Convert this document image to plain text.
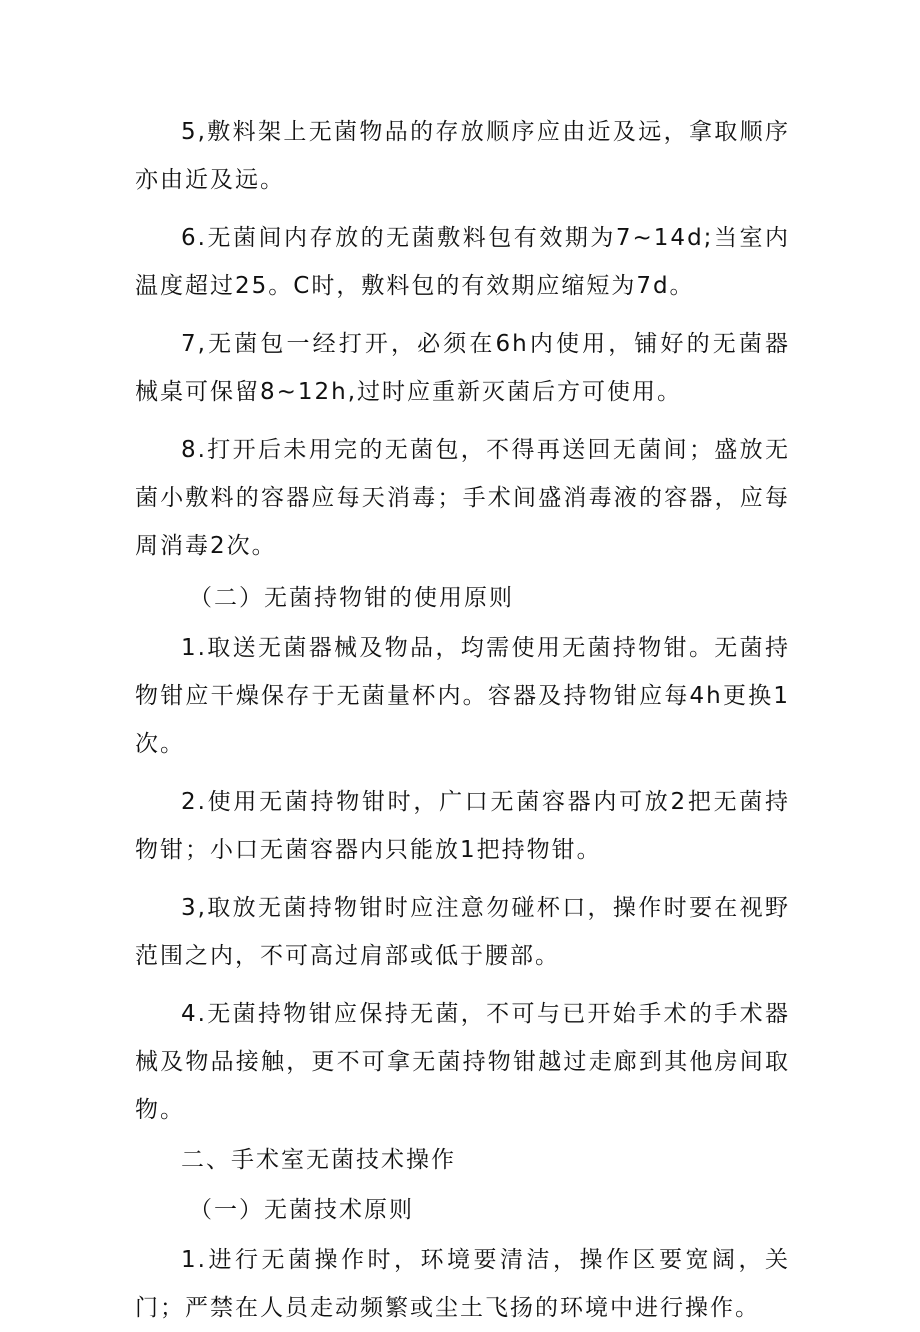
5,敷料架上无菌物品的存放顺序应由近及远，拿取顺序亦由近及远。

6.无菌间内存放的无菌敷料包有效期为7~14d;当室内温度超过25。C时，敷料包的有效期应缩短为7d。

7,无菌包一经打开，必须在6h内使用，铺好的无菌器械桌可保留8~12h,过时应重新灭菌后方可使用。

8.打开后未用完的无菌包，不得再送回无菌间；盛放无菌小敷料的容器应每天消毒；手术间盛消毒液的容器，应每周消毒2次。

（二）无菌持物钳的使用原则

1.取送无菌器械及物品，均需使用无菌持物钳。无菌持物钳应干燥保存于无菌量杯内。容器及持物钳应每4h更换1次。

2.使用无菌持物钳时，广口无菌容器内可放2把无菌持物钳；小口无菌容器内只能放1把持物钳。

3,取放无菌持物钳时应注意勿碰杯口，操作时要在视野范围之内，不可高过肩部或低于腰部。

4.无菌持物钳应保持无菌，不可与已开始手术的手术器械及物品接触，更不可拿无菌持物钳越过走廊到其他房间取物。

二、手术室无菌技术操作

（一）无菌技术原则

1.进行无菌操作时，环境要清洁，操作区要宽阔，关门；严禁在人员走动频繁或尘土飞扬的环境中进行操作。
